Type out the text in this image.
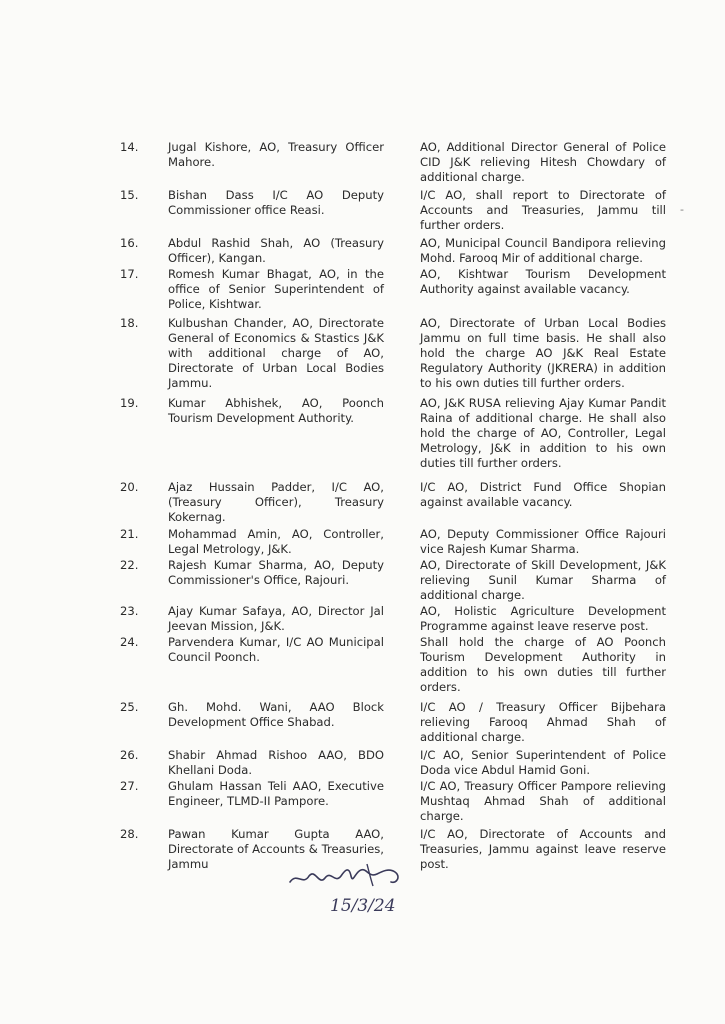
14.	Jugal Kishore, AO, Treasury Officer Mahore.
AO, Additional Director General of Police CID J&K relieving Hitesh Chowdary of additional charge.
15.	Bishan Dass I/C AO Deputy Commissioner office Reasi.
I/C AO, shall report to Directorate of Accounts and Treasuries, Jammu till further orders.
16.	Abdul Rashid Shah, AO (Treasury Officer), Kangan.
AO, Municipal Council Bandipora relieving Mohd. Farooq Mir of additional charge.
17.	Romesh Kumar Bhagat, AO, in the office of Senior Superintendent of Police, Kishtwar.
AO, Kishtwar Tourism Development Authority against available vacancy.
18.	Kulbushan Chander, AO, Directorate General of Economics & Stastics J&K with additional charge of AO, Directorate of Urban Local Bodies Jammu.
AO, Directorate of Urban Local Bodies Jammu on full time basis. He shall also hold the charge AO J&K Real Estate Regulatory Authority (JKRERA) in addition to his own duties till further orders.
19.	Kumar Abhishek, AO, Poonch Tourism Development Authority.
AO, J&K RUSA relieving Ajay Kumar Pandit Raina of additional charge. He shall also hold the charge of AO, Controller, Legal Metrology, J&K in addition to his own duties till further orders.
20.	Ajaz Hussain Padder, I/C AO, (Treasury Officer), Treasury Kokernag.
I/C AO, District Fund Office Shopian against available vacancy.
21.	Mohammad Amin, AO, Controller, Legal Metrology, J&K.
AO, Deputy Commissioner Office Rajouri vice Rajesh Kumar Sharma.
22.	Rajesh Kumar Sharma, AO, Deputy Commissioner's Office, Rajouri.
AO, Directorate of Skill Development, J&K relieving Sunil Kumar Sharma of additional charge.
23.	Ajay Kumar Safaya, AO, Director Jal Jeevan Mission, J&K.
AO, Holistic Agriculture Development Programme against leave reserve post.
24.	Parvendera Kumar, I/C AO Municipal Council Poonch.
Shall hold the charge of AO Poonch Tourism Development Authority in addition to his own duties till further orders.
25.	Gh. Mohd. Wani, AAO Block Development Office Shabad.
I/C AO / Treasury Officer Bijbehara relieving Farooq Ahmad Shah of additional charge.
26.	Shabir Ahmad Rishoo AAO, BDO Khellani Doda.
I/C AO, Senior Superintendent of Police Doda vice Abdul Hamid Goni.
27.	Ghulam Hassan Teli AAO, Executive Engineer, TLMD-II Pampore.
I/C AO, Treasury Officer Pampore relieving Mushtaq Ahmad Shah of additional charge.
28.	Pawan Kumar Gupta AAO, Directorate of Accounts & Treasuries, Jammu
I/C AO, Directorate of Accounts and Treasuries, Jammu against leave reserve post.
-
15/3/24
